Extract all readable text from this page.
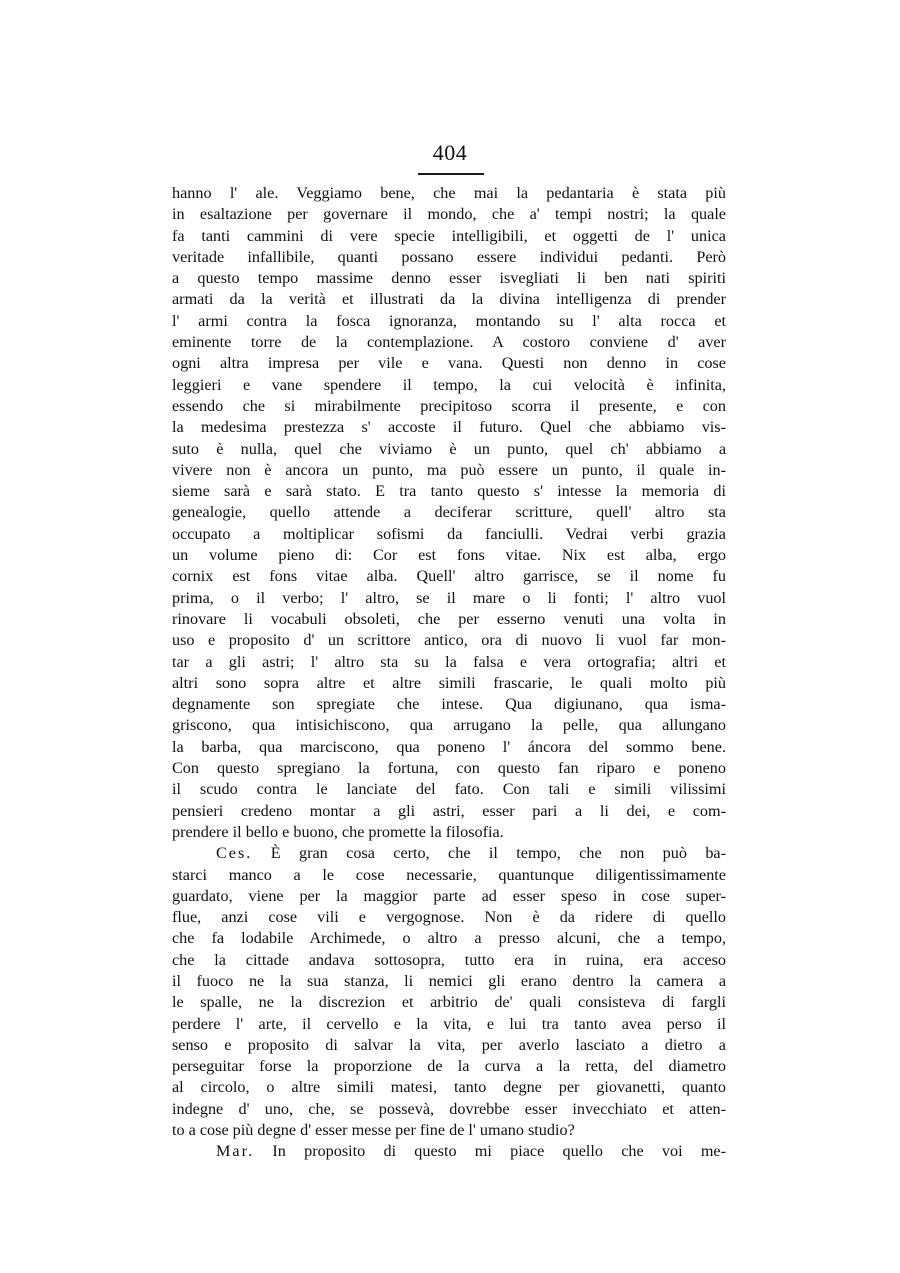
404
hanno l' ale. Veggiamo bene, che mai la pedantaria è stata più
in esaltazione per governare il mondo, che a' tempi nostri; la quale
fa tanti cammini di vere specie intelligibili, et oggetti de l' unica
veritade infallibile, quanti possano essere individui pedanti. Però
a questo tempo massime denno esser isvegliati li ben nati spiriti
armati da la verità et illustrati da la divina intelligenza di prender
l' armi contra la fosca ignoranza, montando su l' alta rocca et
eminente torre de la contemplazione. A costoro conviene d' aver
ogni altra impresa per vile e vana. Questi non denno in cose
leggieri e vane spendere il tempo, la cui velocità è infinita,
essendo che si mirabilmente precipitoso scorra il presente, e con
la medesima prestezza s' accoste il futuro. Quel che abbiamo vis-
suto è nulla, quel che viviamo è un punto, quel ch' abbiamo a
vivere non è ancora un punto, ma può essere un punto, il quale in-
sieme sarà e sarà stato. E tra tanto questo s' intesse la memoria di
genealogie, quello attende a deciferar scritture, quell' altro sta
occupato a moltiplicar sofismi da fanciulli. Vedrai verbi grazia
un volume pieno di: Cor est fons vitae. Nix est alba, ergo
cornix est fons vitae alba. Quell' altro garrisce, se il nome fu
prima, o il verbo; l' altro, se il mare o li fonti; l' altro vuol
rinovare li vocabuli obsoleti, che per esserno venuti una volta in
uso e proposito d' un scrittore antico, ora di nuovo li vuol far mon-
tar a gli astri; l' altro sta su la falsa e vera ortografia; altri et
altri sono sopra altre et altre simili frascarie, le quali molto più
degnamente son spregiate che intese. Qua digiunano, qua isma-
griscono, qua intisichiscono, qua arrugano la pelle, qua allungano
la barba, qua marciscono, qua poneno l' áncora del sommo bene.
Con questo spregiano la fortuna, con questo fan riparo e poneno
il scudo contra le lanciate del fato. Con tali e simili vilissimi
pensieri credeno montar a gli astri, esser pari a li dei, e com-
prendere il bello e buono, che promette la filosofia.
Ces. È gran cosa certo, che il tempo, che non può ba-
starci manco a le cose necessarie, quantunque diligentissimamente
guardato, viene per la maggior parte ad esser speso in cose super-
flue, anzi cose vili e vergognose. Non è da ridere di quello
che fa lodabile Archimede, o altro a presso alcuni, che a tempo,
che la cittade andava sottosopra, tutto era in ruina, era acceso
il fuoco ne la sua stanza, li nemici gli erano dentro la camera a
le spalle, ne la discrezion et arbitrio de' quali consisteva di fargli
perdere l' arte, il cervello e la vita, e lui tra tanto avea perso il
senso e proposito di salvar la vita, per averlo lasciato a dietro a
perseguitar forse la proporzione de la curva a la retta, del diametro
al circolo, o altre simili matesi, tanto degne per giovanetti, quanto
indegne d' uno, che, se possevà, dovrebbe esser invecchiato et atten-
to a cose più degne d' esser messe per fine de l' umano studio?
Mar. In proposito di questo mi piace quello che voi me-
